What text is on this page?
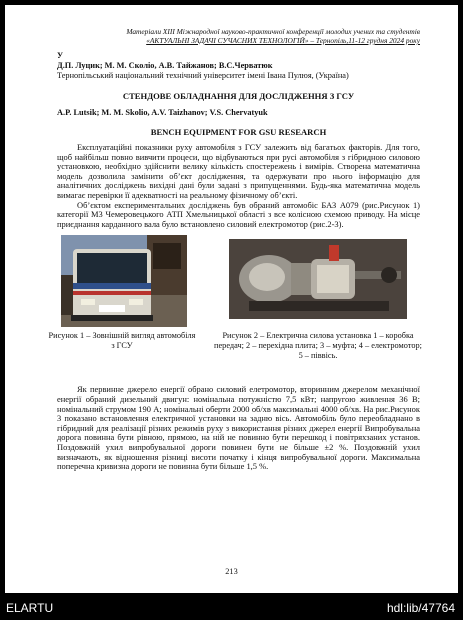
Матеріали XIII Міжнародної науково-практичної конференції молодих учених та студентів
«АКТУАЛЬНІ ЗАДАЧІ СУЧАСНИХ ТЕХНОЛОГІЙ» – Тернопіль,11-12 грудня 2024 року
У
Д.П. Луцик; М. М. Сколіо, А.В. Тайжанов; В.С.Черватюк
Тернопільський національний технічний університет імені Івана Пулюя, (Україна)
СТЕНДОВЕ ОБЛАДНАННЯ ДЛЯ ДОСЛІДЖЕННЯ З ГСУ
A.P. Lutsik; M. M. Skolio, A.V. Taizhanov; V.S. Chervatyuk
BENCH EQUIPMENT FOR GSU RESEARCH

Експлуатаційні показники руху автомобіля з ГСУ залежить від багатьох факторів. Для того, щоб найбільш повно вивчити процеси, що відбуваються при русі автомобіля з гібридною силовою установкою, необхідно здійснити велику кількість спостережень і вимірів. Створена математична модель дозволила замінити об’єкт дослідження, та одержувати про нього інформацію для аналітичних досліджень вихідні дані були задані з припущеннями. Будь-яка математична модель вимагає перевірки її адекватності на реальному фізичному об’єкті.

Об’єктом експериментальних досліджень був обраний автомобіс БАЗ А079 (рис.Рисунок 1) категорії М3 Чемеровецького АТП Хмельницької області з все колісною схемою приводу. На місце приєднання карданного вала було встановлено силовий електромотор (рис.2-3).

Рисунок 1 – Зовнішній вигляд автомобіля з ГСУ
Рисунок 2 – Електрична силова установка 1 – коробка передач; 2 – перехідна плита; 3 – муфта; 4 – електромотор; 5 – піввісь.

Як первинне джерело енергії обрано силовий елетромотор, вторинним джерелом механічної енергії обраний дизельний двигун: номінальна потужністю 7,5 кВт; напругою живлення 36 В; номінальний струмом 190 А; номінальні оберти 2000 об/хв максимальні 4000 об/хв. На рис.Рисунок 3 показано встановлення електричної установки на задню вісь. Автомобіль було переобладнано в гібридний для реалізації різних режимів руху з використання різних джерел енергії Випробувальна дорога повинна бути рівною, прямою, на ній не повинно бути перешкод і повітряхзаних установ. Поздовжній ухил випробувальної дороги повинен бути не більше ±2 %. Поздовжній ухил визначають, як відношення різниці висоти початку і кінця випробувальної дороги. Максимальна поперечна кривизна дороги не повинна бути більше 1,5 %.

213
ELARTU	hdl:lib/47764
